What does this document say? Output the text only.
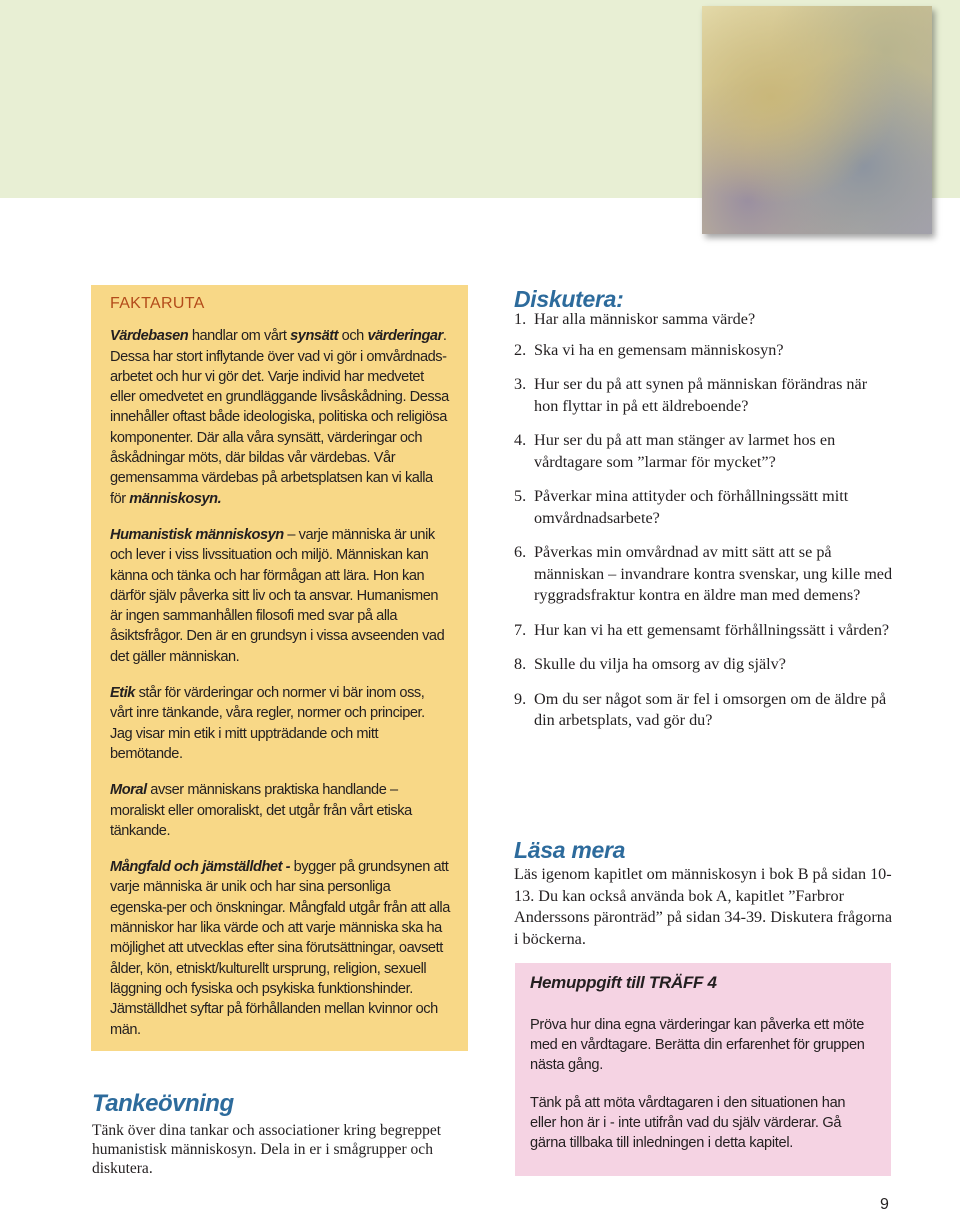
FAKTARUTA

Värdebasen handlar om vårt synsätt och värderingar. Dessa har stort inflytande över vad vi gör i omvårdnads-arbetet och hur vi gör det. Varje individ har medvetet eller omedvetet en grundläggande livsåskådning. Dessa innehåller oftast både ideologiska, politiska och religiösa komponenter. Där alla våra synsätt, värderingar och åskådningar möts, där bildas vår värdebas. Vår gemensamma värdebas på arbetsplatsen kan vi kalla för människosyn.

Humanistisk människosyn – varje människa är unik och lever i viss livssituation och miljö. Människan kan känna och tänka och har förmågan att lära. Hon kan därför själv påverka sitt liv och ta ansvar. Humanismen är ingen sammanhållen filosofi med svar på alla åsiktsfrågor. Den är en grundsyn i vissa avseenden vad det gäller människan.

Etik står för värderingar och normer vi bär inom oss, vårt inre tänkande, våra regler, normer och principer. Jag visar min etik i mitt uppträdande och mitt bemötande.

Moral avser människans praktiska handlande – moraliskt eller omoraliskt, det utgår från vårt etiska tänkande.

Mångfald och jämställdhet - bygger på grundsynen att varje människa är unik och har sina personliga egenska-per och önskningar. Mångfald utgår från att alla människor har lika värde och att varje människa ska ha möjlighet att utvecklas efter sina förutsättningar, oavsett ålder, kön, etniskt/kulturellt ursprung, religion, sexuell läggning och fysiska och psykiska funktionshinder. Jämställdhet syftar på förhållanden mellan kvinnor och män.

Tankeövning
Tänk över dina tankar och associationer kring begreppet humanistisk människosyn. Dela in er i smågrupper och diskutera.
Diskutera:
1. Har alla människor samma värde?
2. Ska vi ha en gemensam människosyn?
3. Hur ser du på att synen på människan förändras när hon flyttar in på ett äldreboende?
4. Hur ser du på att man stänger av larmet hos en vårdtagare som ”larmar för mycket”?
5. Påverkar mina attityder och förhållningssätt mitt omvårdnadsarbete?
6. Påverkas min omvårdnad av mitt sätt att se på människan – invandrare kontra svenskar, ung kille med ryggradsfraktur kontra en äldre man med demens?
7. Hur kan vi ha ett gemensamt förhållningssätt i vården?
8. Skulle du vilja ha omsorg av dig själv?
9. Om du ser något som är fel i omsorgen om de äldre på din arbetsplats, vad gör du?
Läsa mera
Läs igenom kapitlet om människosyn i bok B på sidan 10-13. Du kan också använda bok A, kapitlet ”Farbror Anderssons päronträd” på sidan 34-39. Diskutera frågorna i böckerna.
Hemuppgift till TRÄFF 4

Pröva hur dina egna värderingar kan påverka ett möte med en vårdtagare. Berätta din erfarenhet för gruppen nästa gång.

Tänk på att möta vårdtagaren i den situationen han eller hon är i - inte utifrån vad du själv värderar. Gå gärna tillbaka till inledningen i detta kapitel.

9
